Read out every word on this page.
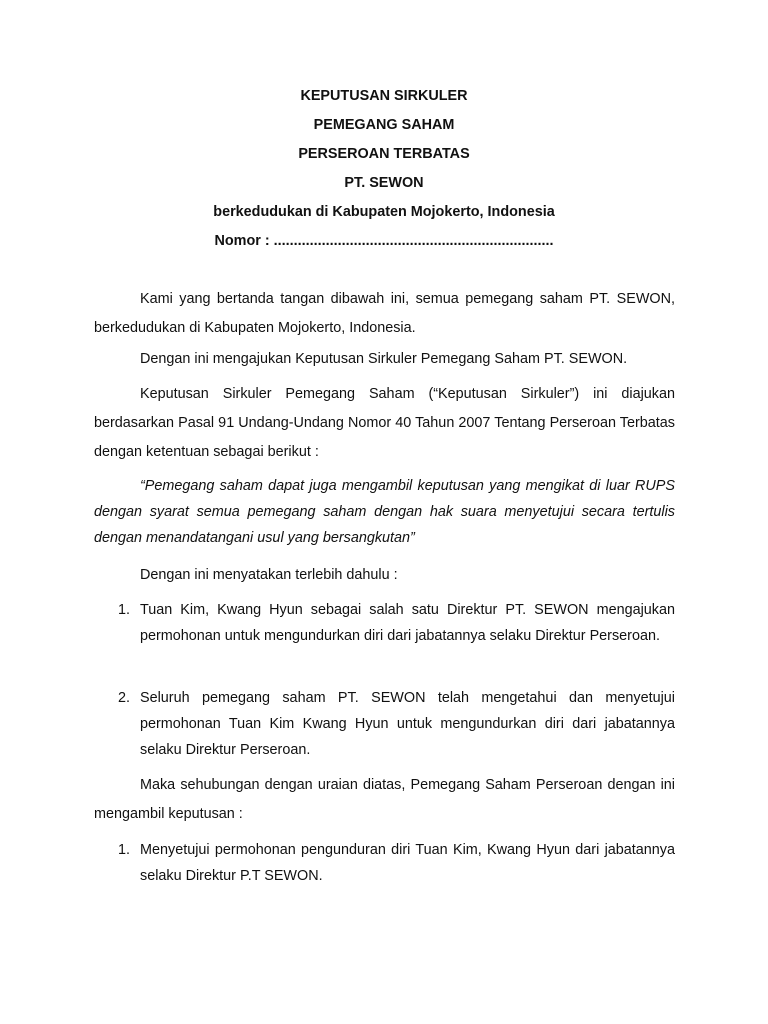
KEPUTUSAN SIRKULER
PEMEGANG SAHAM
PERSEROAN TERBATAS
PT. SEWON
berkedudukan di Kabupaten Mojokerto, Indonesia
Nomor : ......................................................................
Kami yang bertanda tangan dibawah ini, semua pemegang saham PT. SEWON, berkedudukan di Kabupaten Mojokerto, Indonesia.
Dengan ini mengajukan Keputusan Sirkuler Pemegang Saham PT. SEWON.
Keputusan Sirkuler Pemegang Saham (“Keputusan Sirkuler”) ini diajukan berdasarkan Pasal 91 Undang-Undang Nomor 40 Tahun 2007 Tentang Perseroan Terbatas dengan ketentuan sebagai berikut :
“Pemegang saham dapat juga mengambil keputusan yang mengikat di luar RUPS dengan syarat semua pemegang saham dengan hak suara menyetujui secara tertulis dengan menandatangani usul yang bersangkutan”
Dengan ini menyatakan terlebih dahulu :
1. Tuan Kim, Kwang Hyun sebagai salah satu Direktur PT. SEWON mengajukan permohonan untuk mengundurkan diri dari jabatannya selaku Direktur Perseroan.
2. Seluruh pemegang saham PT. SEWON telah mengetahui dan menyetujui permohonan Tuan Kim Kwang Hyun untuk mengundurkan diri dari jabatannya selaku Direktur Perseroan.
Maka sehubungan dengan uraian diatas, Pemegang Saham Perseroan dengan ini mengambil keputusan :
1. Menyetujui permohonan pengunduran diri Tuan Kim, Kwang Hyun dari jabatannya selaku Direktur P.T SEWON.
